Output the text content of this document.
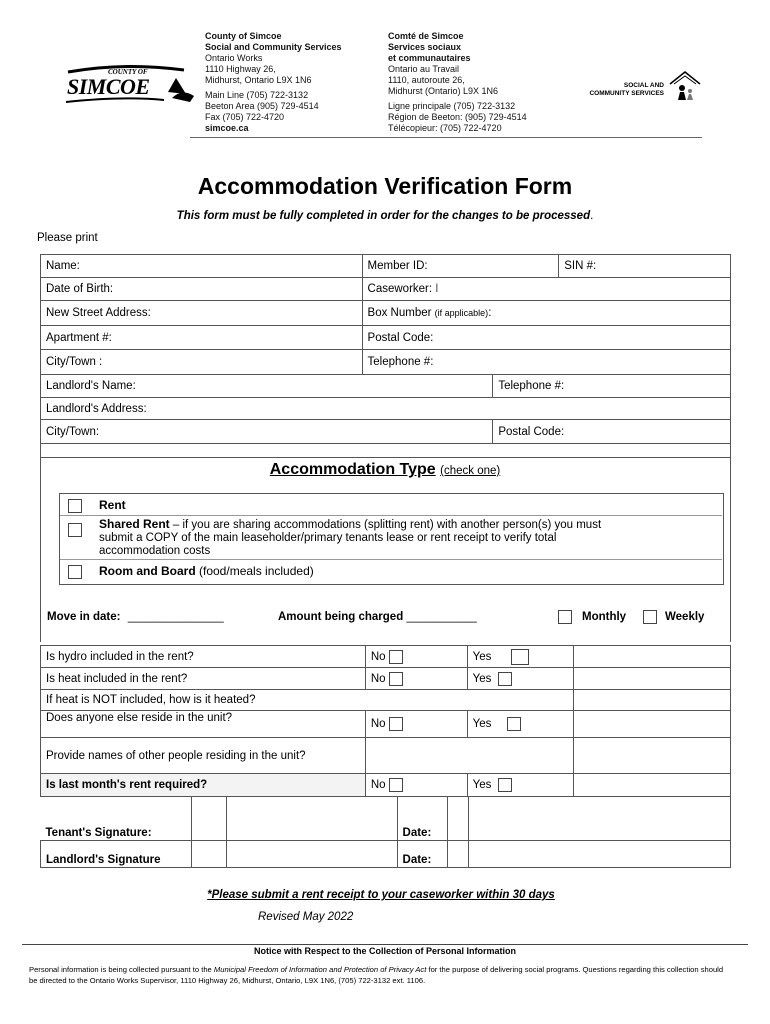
COUNTY OF
SIMCOE
County of Simcoe
Social and Community Services
Ontario Works
1110 Highway 26,
Midhurst, Ontario L9X 1N6
Main Line (705) 722-3132
Beeton Area (905) 729-4514
Fax (705) 722-4720
simcoe.ca
Comté de Simcoe
Services sociaux
et communautaires
Ontario au Travail
1110, autoroute 26,
Midhurst (Ontario) L9X 1N6
Ligne principale (705) 722-3132
Région de Beeton: (905) 729-4514
Télécopieur: (705) 722-4720
SOCIAL AND
COMMUNITY SERVICES
Accommodation Verification Form
This form must be fully completed in order for the changes to be processed.
Please print
Name:	Member ID:	SIN #:
Date of Birth:	Caseworker: I	
New Street Address:	Box Number (if applicable):	
Apartment #:	Postal Code:	
City/Town :	Telephone #:	
Landlord's Name:	Telephone #:
Landlord's Address:	
City/Town:	Postal Code:

Accommodation Type (check one)
Rent
Shared Rent – if you are sharing accommodations (splitting rent) with another person(s) you must
submit a COPY of the main leaseholder/primary tenants lease or rent receipt to verify total
accommodation costs
Room and Board (food/meals included)
Move in date: _______________	Amount being charged ___________	Monthly	Weekly
Is hydro included in the rent?	No	Yes	
Is heat included in the rent?	No	Yes	
If heat is NOT included, how is it heated?			
Does anyone else reside in the unit?	No	Yes	
Provide names of other people residing in the unit?			
Is last month's rent required?	No	Yes	
Tenant's Signature:			Date:		
Landlord's Signature			Date:		
*Please submit a rent receipt to your caseworker within 30 days
Revised May 2022
Notice with Respect to the Collection of Personal Information
Personal information is being collected pursuant to the Municipal Freedom of Information and Protection of Privacy Act for the purpose of delivering social programs. Questions regarding this collection should be directed to the Ontario Works Supervisor, 1110 Highway 26, Midhurst, Ontario, L9X 1N6, (705) 722-3132 ext. 1106.
